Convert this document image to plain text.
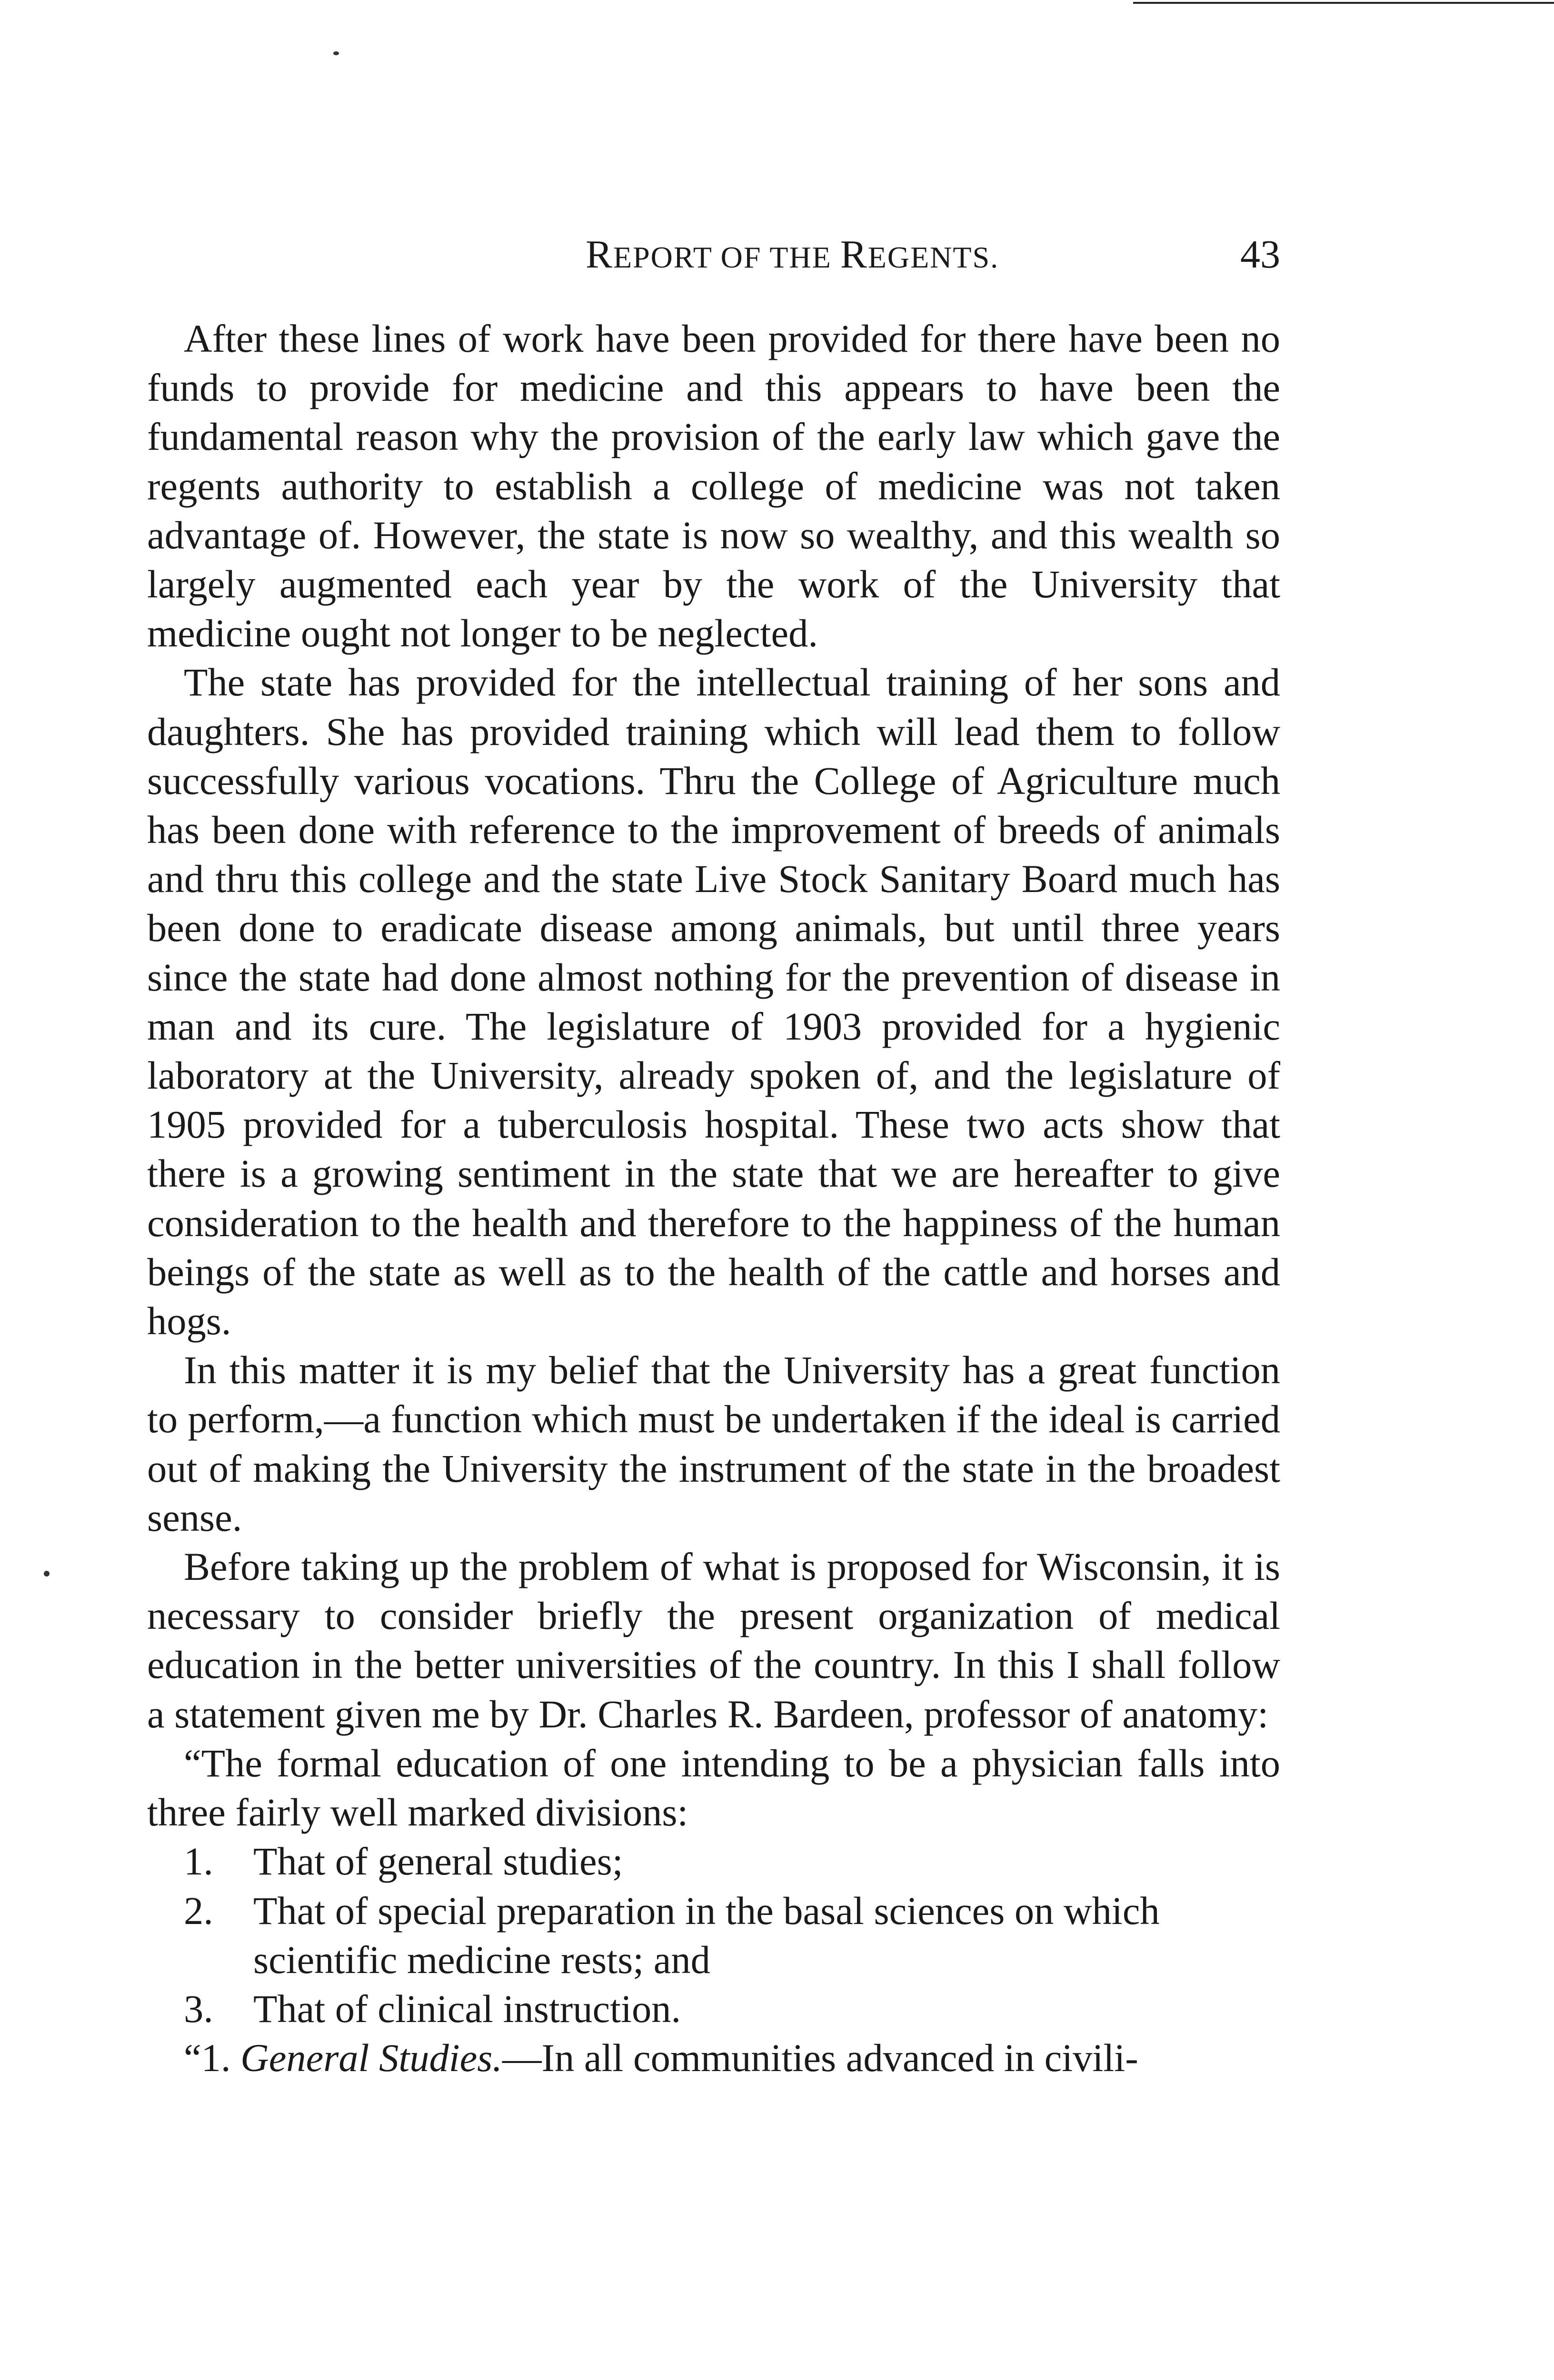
REPORT OF THE REGENTS.	43

After these lines of work have been provided for there have been no funds to provide for medicine and this appears to have been the fundamental reason why the provision of the early law which gave the regents authority to establish a college of medicine was not taken advantage of. However, the state is now so wealthy, and this wealth so largely augmented each year by the work of the University that medicine ought not longer to be neglected.

The state has provided for the intellectual training of her sons and daughters. She has provided training which will lead them to follow successfully various vocations. Thru the College of Agriculture much has been done with reference to the improvement of breeds of animals and thru this college and the state Live Stock Sanitary Board much has been done to eradicate disease among animals, but until three years since the state had done almost nothing for the prevention of disease in man and its cure. The legislature of 1903 provided for a hygienic laboratory at the University, already spoken of, and the legislature of 1905 provided for a tuberculosis hospital. These two acts show that there is a growing sentiment in the state that we are hereafter to give consideration to the health and therefore to the happiness of the human beings of the state as well as to the health of the cattle and horses and hogs.

In this matter it is my belief that the University has a great function to perform,—a function which must be undertaken if the ideal is carried out of making the University the instrument of the state in the broadest sense.

Before taking up the problem of what is proposed for Wisconsin, it is necessary to consider briefly the present organization of medical education in the better universities of the country. In this I shall follow a statement given me by Dr. Charles R. Bardeen, professor of anatomy:

“The formal education of one intending to be a physician falls into three fairly well marked divisions:

1. That of general studies;
2. That of special preparation in the basal sciences on which scientific medicine rests; and
3. That of clinical instruction.

“1. General Studies.—In all communities advanced in civili-
